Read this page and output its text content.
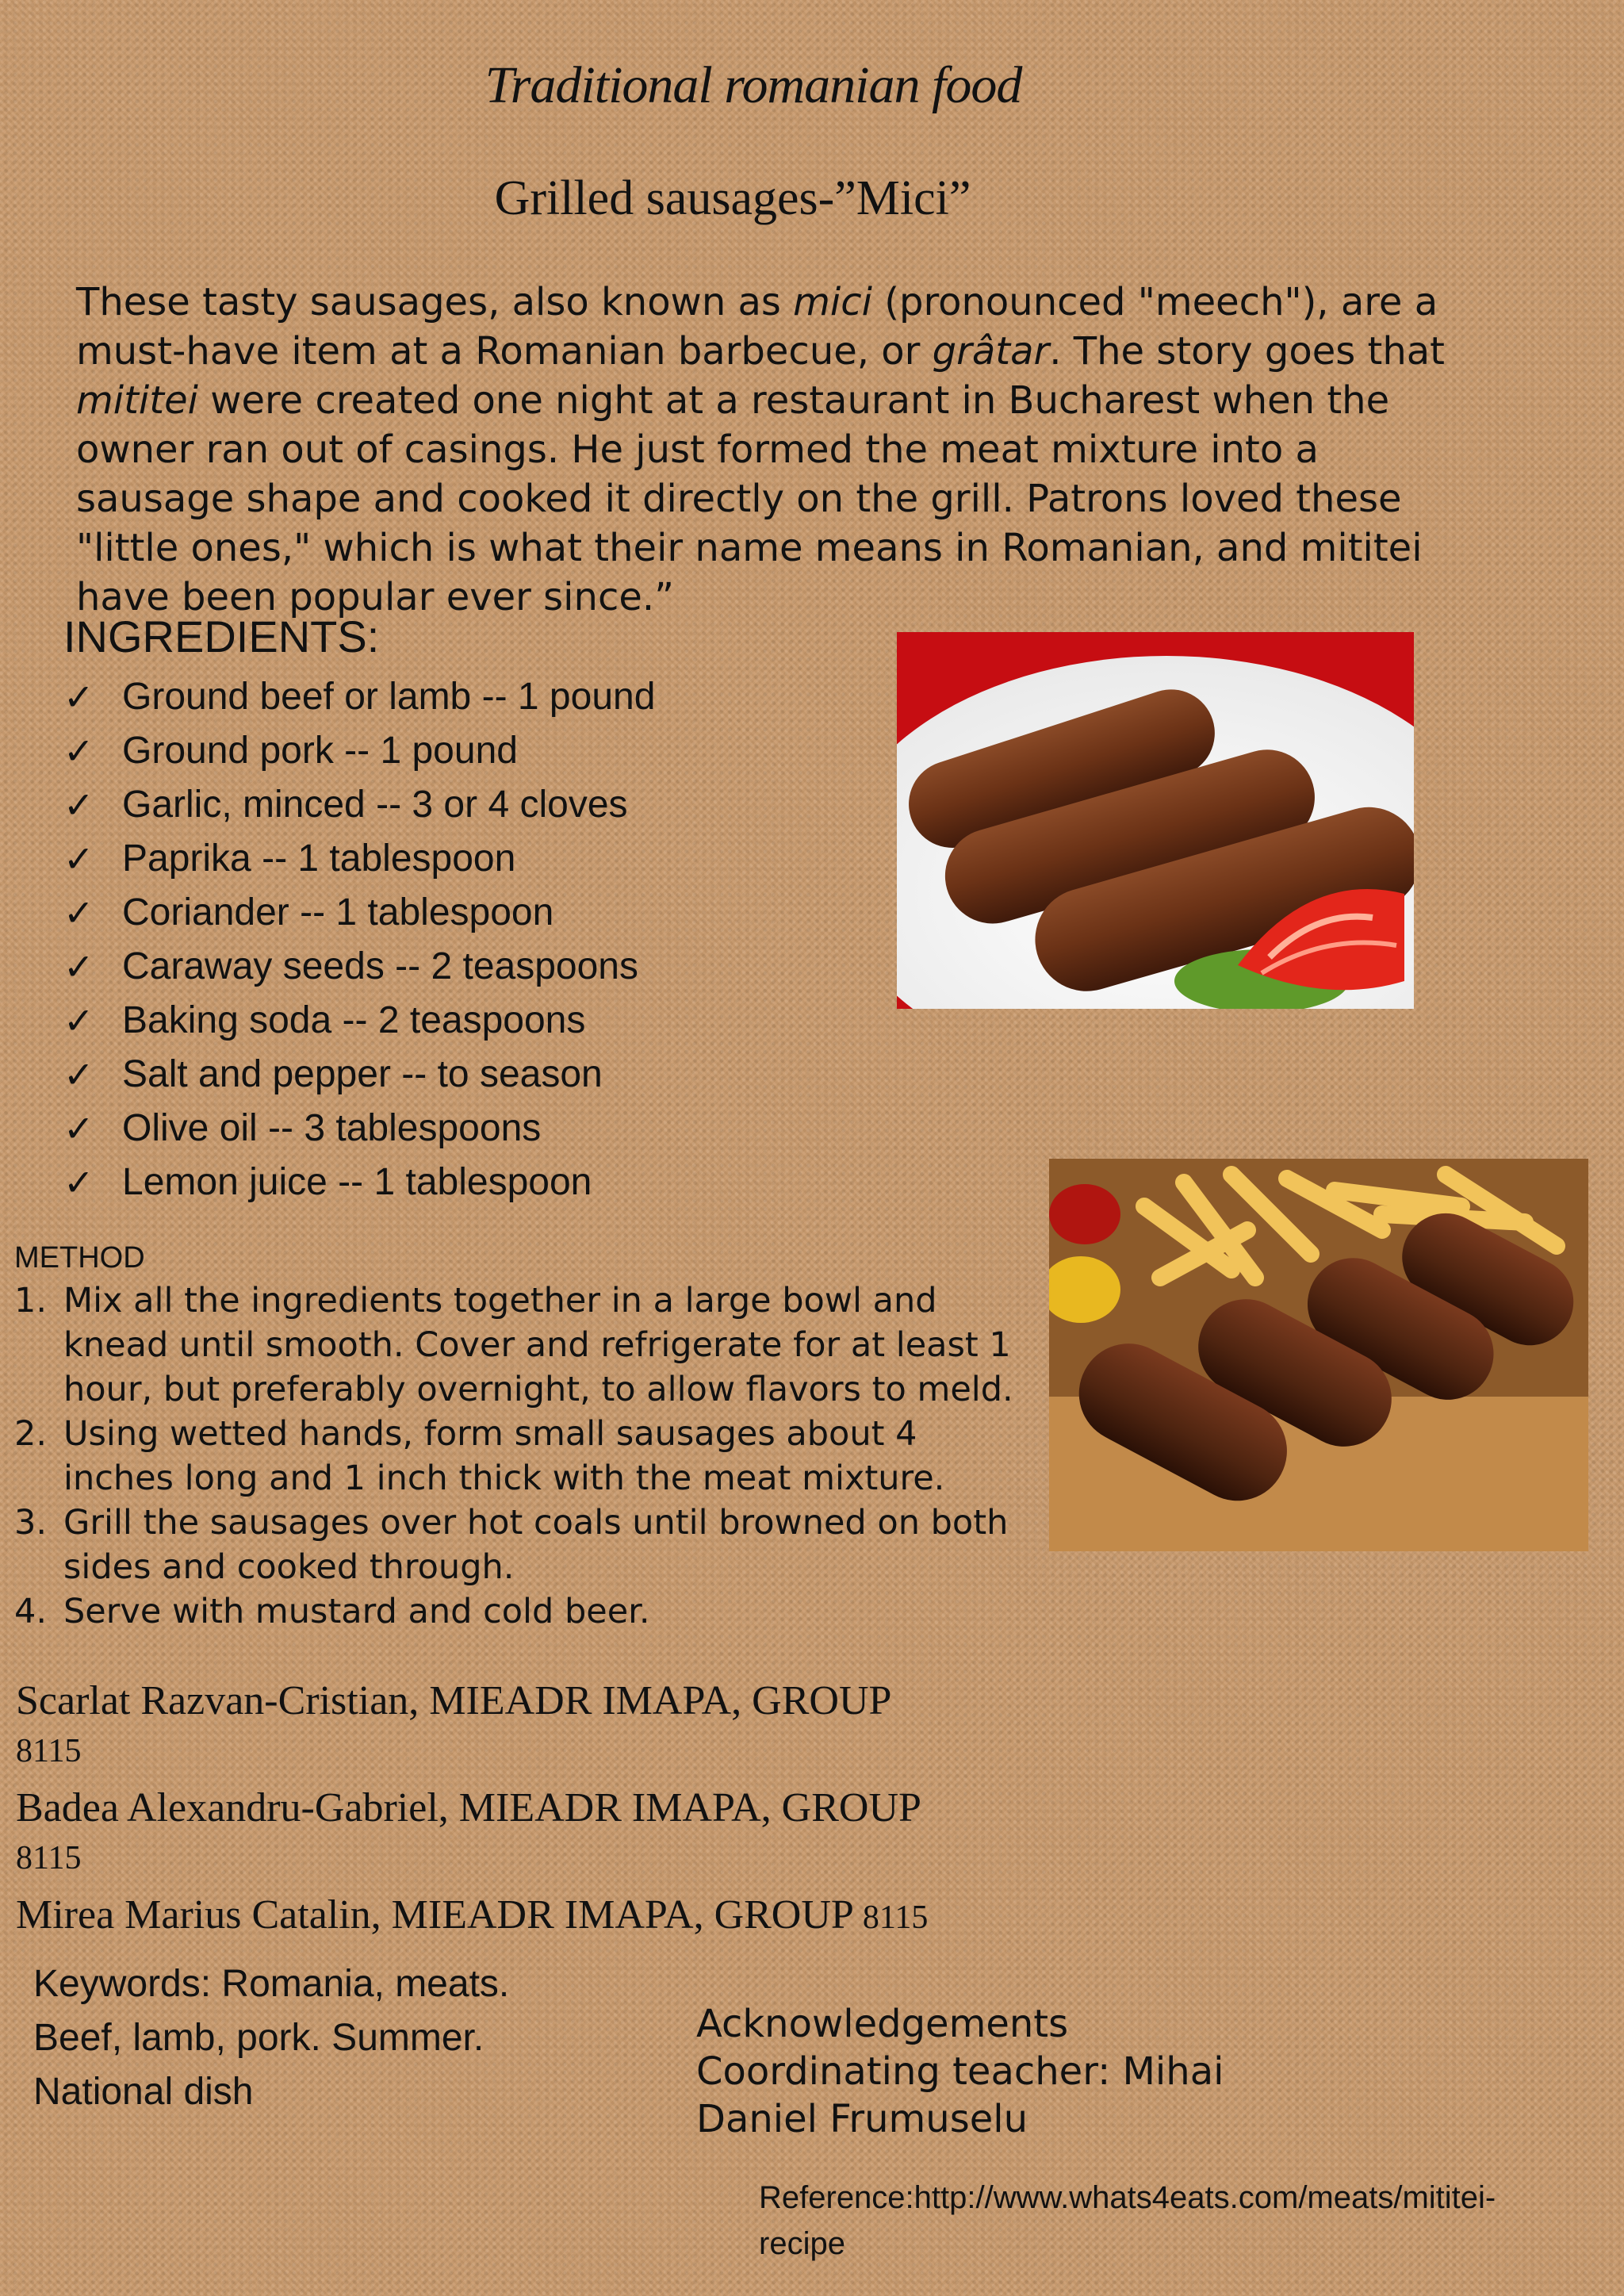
Traditional romanian food
Grilled sausages-”Mici”
These tasty sausages, also known as mici (pronounced "meech"), are a must-have item at a Romanian barbecue, or grâtar. The story goes that mititei were created one night at a restaurant in Bucharest when the owner ran out of casings. He just formed the meat mixture into a sausage shape and cooked it directly on the grill. Patrons loved these "little ones," which is what their name means in Romanian, and mititei have been popular ever since.”
INGREDIENTS:
✓ Ground beef or lamb -- 1 pound
✓ Ground pork -- 1 pound
✓ Garlic, minced -- 3 or 4 cloves
✓ Paprika -- 1 tablespoon
✓ Coriander -- 1 tablespoon
✓ Caraway seeds -- 2 teaspoons
✓ Baking soda -- 2 teaspoons
✓ Salt and pepper -- to season
✓ Olive oil -- 3 tablespoons
✓ Lemon juice -- 1 tablespoon
METHOD
1. Mix all the ingredients together in a large bowl and knead until smooth. Cover and refrigerate for at least 1 hour, but preferably overnight, to allow flavors to meld.
2. Using wetted hands, form small sausages about 4 inches long and 1 inch thick with the meat mixture.
3. Grill the sausages over hot coals until browned on both sides and cooked through.
4. Serve with mustard and cold beer.
Scarlat Razvan-Cristian, MIEADR IMAPA, GROUP
8115
Badea Alexandru-Gabriel, MIEADR IMAPA, GROUP
8115
Mirea Marius Catalin, MIEADR IMAPA, GROUP 8115
Keywords: Romania, meats.
Beef, lamb, pork. Summer.
National dish
Acknowledgements
Coordinating teacher: Mihai
Daniel Frumuselu
Reference:http://www.whats4eats.com/meats/mititei-
recipe
